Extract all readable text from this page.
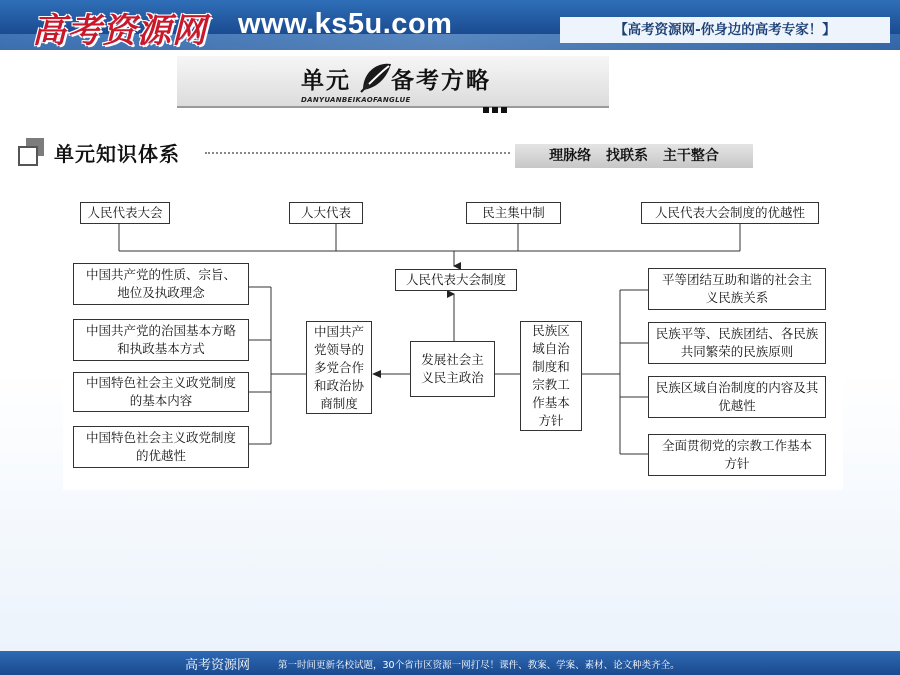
高考资源网 www.ks5u.com	【高考资源网-你身边的高考专家！】
单元 备考方略
DANYUANBEIKAOFANGLUE
单元知识体系	理脉络 找联系 主干整合
人民代表大会	人大代表	民主集中制	人民代表大会制度的优越性
人民代表大会制度
发展社会主义民主政治
中国共产党领导的多党合作和政治协商制度
民族区域自治制度和宗教工作基本方针
中国共产党的性质、宗旨、地位及执政理念
中国共产党的治国基本方略和执政基本方式
中国特色社会主义政党制度的基本内容
中国特色社会主义政党制度的优越性
平等团结互助和谐的社会主义民族关系
民族平等、民族团结、各民族共同繁荣的民族原则
民族区域自治制度的内容及其优越性
全面贯彻党的宗教工作基本方针
高考资源网	第一时间更新名校试题，30个省市区资源一网打尽！课件、教案、学案、素材、论文种类齐全。
